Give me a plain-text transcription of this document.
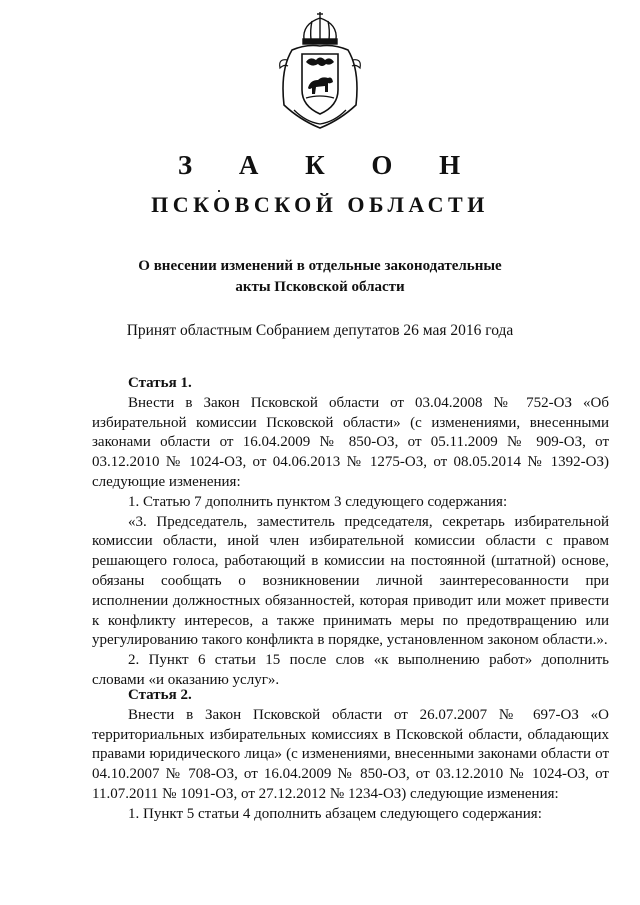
З А К О Н
ПСКОВСКОЙ ОБЛАСТИ
О внесении изменений в отдельные законодательные
акты Псковской области
Принят областным Собранием депутатов 26 мая 2016 года

Статья 1.

Внести в Закон Псковской области от 03.04.2008 № 752-ОЗ «Об избирательной комиссии Псковской области» (с изменениями, внесенными законами области от 16.04.2009 № 850-ОЗ, от 05.11.2009 № 909-ОЗ, от 03.12.2010 № 1024-ОЗ, от 04.06.2013 № 1275-ОЗ, от 08.05.2014 № 1392-ОЗ) следующие изменения:

1. Статью 7 дополнить пунктом 3 следующего содержания:

«3. Председатель, заместитель председателя, секретарь избирательной комиссии области, иной член избирательной комиссии области с правом решающего голоса, работающий в комиссии на постоянной (штатной) основе, обязаны сообщать о возникновении личной заинтересованности при исполнении должностных обязанностей, которая приводит или может привести к конфликту интересов, а также принимать меры по предотвращению или урегулированию такого конфликта в порядке, установленном законом области.».

2. Пункт 6 статьи 15 после слов «к выполнению работ» дополнить словами «и оказанию услуг».

Статья 2.

Внести в Закон Псковской области от 26.07.2007 № 697-ОЗ «О территориальных избирательных комиссиях в Псковской области, обладающих правами юридического лица» (с изменениями, внесенными законами области от 04.10.2007 № 708-ОЗ, от 16.04.2009 № 850-ОЗ, от 03.12.2010 № 1024-ОЗ, от 11.07.2011 № 1091-ОЗ, от 27.12.2012 № 1234-ОЗ) следующие изменения:

1. Пункт 5 статьи 4 дополнить абзацем следующего содержания:
